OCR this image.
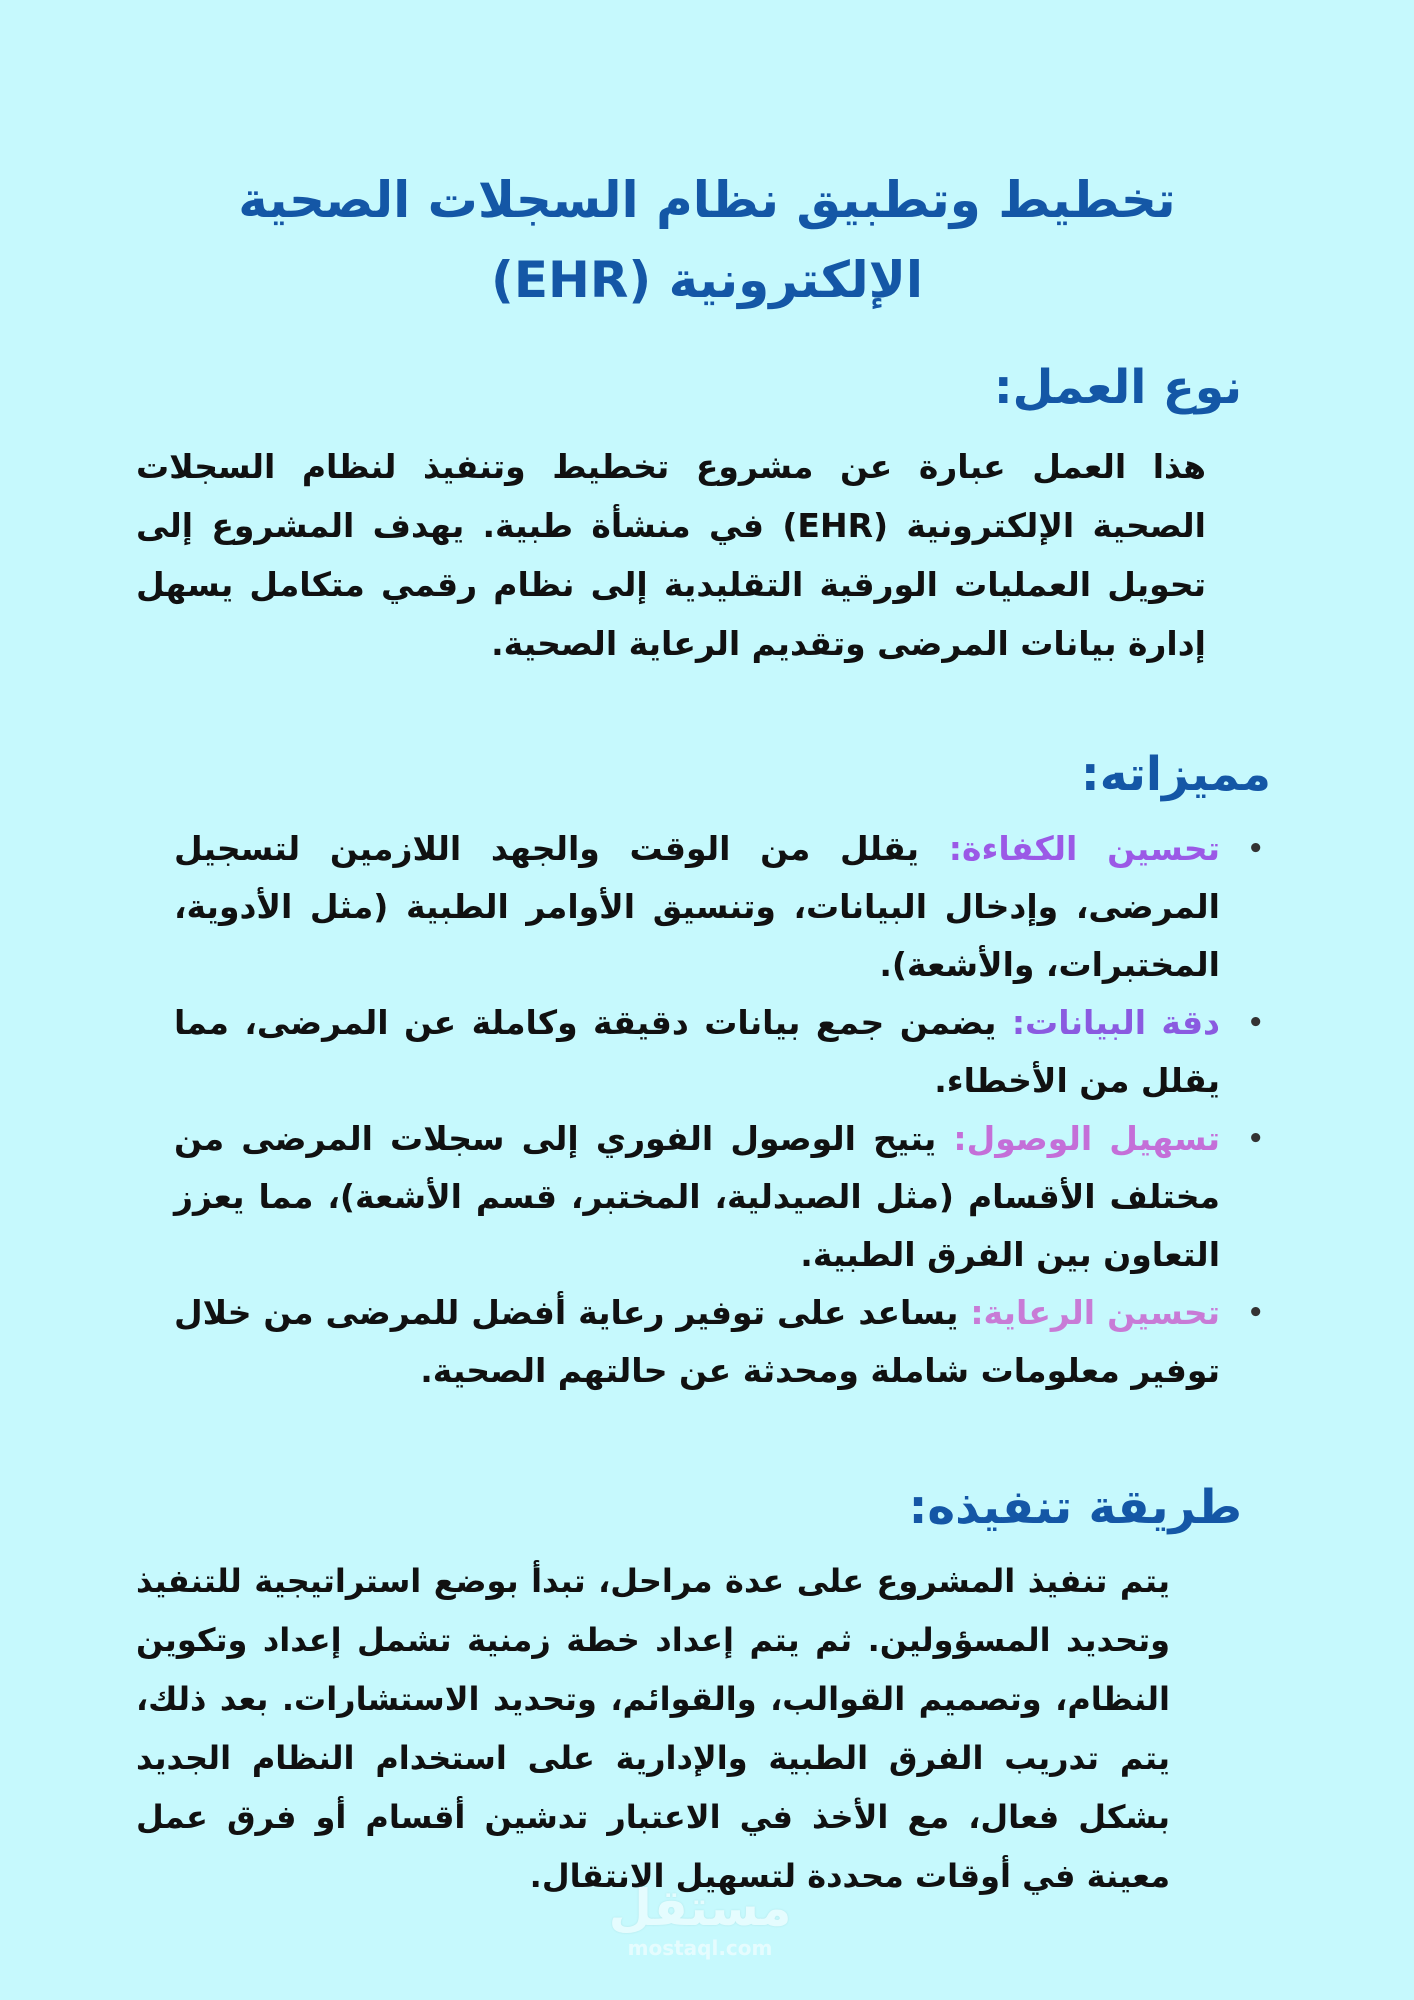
تخطيط وتطبيق نظام السجلات الصحية
الإلكترونية (EHR)
نوع العمل:

هذا العمل عبارة عن مشروع تخطيط وتنفيذ لنظام السجلات الصحية الإلكترونية (EHR) في منشأة طبية. يهدف المشروع إلى تحويل العمليات الورقية التقليدية إلى نظام رقمي متكامل يسهل إدارة بيانات المرضى وتقديم الرعاية الصحية.

مميزاته:
•
تحسين الكفاءة: يقلل من الوقت والجهد اللازمين لتسجيل المرضى، وإدخال البيانات، وتنسيق الأوامر الطبية (مثل الأدوية، المختبرات، والأشعة).
•
دقة البيانات: يضمن جمع بيانات دقيقة وكاملة عن المرضى، مما يقلل من الأخطاء.
•
تسهيل الوصول: يتيح الوصول الفوري إلى سجلات المرضى من مختلف الأقسام (مثل الصيدلية، المختبر، قسم الأشعة)، مما يعزز التعاون بين الفرق الطبية.
•
تحسين الرعاية: يساعد على توفير رعاية أفضل للمرضى من خلال توفير معلومات شاملة ومحدثة عن حالتهم الصحية.
طريقة تنفيذه:

يتم تنفيذ المشروع على عدة مراحل، تبدأ بوضع استراتيجية للتنفيذ وتحديد المسؤولين. ثم يتم إعداد خطة زمنية تشمل إعداد وتكوين النظام، وتصميم القوالب، والقوائم، وتحديد الاستشارات. بعد ذلك، يتم تدريب الفرق الطبية والإدارية على استخدام النظام الجديد بشكل فعال، مع الأخذ في الاعتبار تدشين أقسام أو فرق عمل معينة في أوقات محددة لتسهيل الانتقال.

مستقل
mostaql.com
